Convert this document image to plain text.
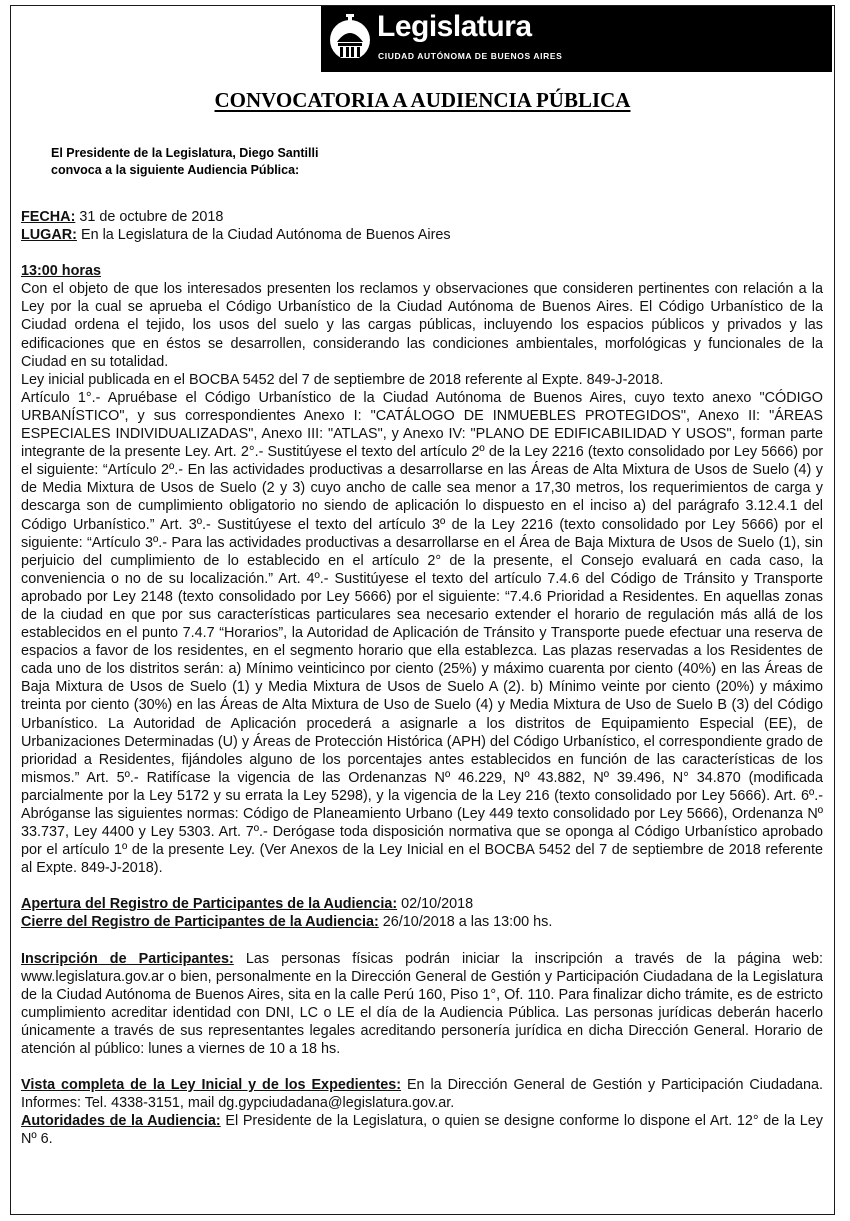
Legislatura
CIUDAD AUTÓNOMA DE BUENOS AIRES
CONVOCATORIA A AUDIENCIA PÚBLICA
El Presidente de la Legislatura, Diego Santilli
convoca a la siguiente Audiencia Pública:

FECHA: 31 de octubre de 2018

LUGAR: En la Legislatura de la Ciudad Autónoma de Buenos Aires

13:00 horas

Con el objeto de que los interesados presenten los reclamos y observaciones que consideren pertinentes con relación a la Ley por la cual se aprueba el Código Urbanístico de la Ciudad Autónoma de Buenos Aires. El Código Urbanístico de la Ciudad ordena el tejido, los usos del suelo y las cargas públicas, incluyendo los espacios públicos y privados y las edificaciones que en éstos se desarrollen, considerando las condiciones ambientales, morfológicas y funcionales de la Ciudad en su totalidad.

Ley inicial publicada en el BOCBA 5452 del 7 de septiembre de 2018 referente al Expte. 849-J-2018.

Artículo 1°.- Apruébase el Código Urbanístico de la Ciudad Autónoma de Buenos Aires, cuyo texto anexo "CÓDIGO URBANÍSTICO", y sus correspondientes Anexo I: "CATÁLOGO DE INMUEBLES PROTEGIDOS", Anexo II: "ÁREAS ESPECIALES INDIVIDUALIZADAS", Anexo III: "ATLAS", y Anexo IV: "PLANO DE EDIFICABILIDAD Y USOS", forman parte integrante de la presente Ley. Art. 2°.- Sustitúyese el texto del artículo 2º de la Ley 2216 (texto consolidado por Ley 5666) por el siguiente: “Artículo 2º.- En las actividades productivas a desarrollarse en las Áreas de Alta Mixtura de Usos de Suelo (4) y de Media Mixtura de Usos de Suelo (2 y 3) cuyo ancho de calle sea menor a 17,30 metros, los requerimientos de carga y descarga son de cumplimiento obligatorio no siendo de aplicación lo dispuesto en el inciso a) del parágrafo 3.12.4.1 del Código Urbanístico.” Art. 3º.- Sustitúyese el texto del artículo 3º de la Ley 2216 (texto consolidado por Ley 5666) por el siguiente: “Artículo 3º.- Para las actividades productivas a desarrollarse en el Área de Baja Mixtura de Usos de Suelo (1), sin perjuicio del cumplimiento de lo establecido en el artículo 2° de la presente, el Consejo evaluará en cada caso, la conveniencia o no de su localización.” Art. 4º.- Sustitúyese el texto del artículo 7.4.6 del Código de Tránsito y Transporte aprobado por Ley 2148 (texto consolidado por Ley 5666) por el siguiente: “7.4.6 Prioridad a Residentes. En aquellas zonas de la ciudad en que por sus características particulares sea necesario extender el horario de regulación más allá de los establecidos en el punto 7.4.7 “Horarios”, la Autoridad de Aplicación de Tránsito y Transporte puede efectuar una reserva de espacios a favor de los residentes, en el segmento horario que ella establezca. Las plazas reservadas a los Residentes de cada uno de los distritos serán: a) Mínimo veinticinco por ciento (25%) y máximo cuarenta por ciento (40%) en las Áreas de Baja Mixtura de Usos de Suelo (1) y Media Mixtura de Usos de Suelo A (2). b) Mínimo veinte por ciento (20%) y máximo treinta por ciento (30%) en las Áreas de Alta Mixtura de Uso de Suelo (4) y Media Mixtura de Uso de Suelo B (3) del Código Urbanístico. La Autoridad de Aplicación procederá a asignarle a los distritos de Equipamiento Especial (EE), de Urbanizaciones Determinadas (U) y Áreas de Protección Histórica (APH) del Código Urbanístico, el correspondiente grado de prioridad a Residentes, fijándoles alguno de los porcentajes antes establecidos en función de las características de los mismos.” Art. 5º.- Ratifícase la vigencia de las Ordenanzas Nº 46.229, Nº 43.882, Nº 39.496, N° 34.870 (modificada parcialmente por la Ley 5172 y su errata la Ley 5298), y la vigencia de la Ley 216 (texto consolidado por Ley 5666). Art. 6º.- Abróganse las siguientes normas: Código de Planeamiento Urbano (Ley 449 texto consolidado por Ley 5666), Ordenanza Nº 33.737, Ley 4400 y Ley 5303. Art. 7º.- Derógase toda disposición normativa que se oponga al Código Urbanístico aprobado por el artículo 1º de la presente Ley. (Ver Anexos de la Ley Inicial en el BOCBA 5452 del 7 de septiembre de 2018 referente al Expte. 849-J-2018).

Apertura del Registro de Participantes de la Audiencia: 02/10/2018

Cierre del Registro de Participantes de la Audiencia: 26/10/2018 a las 13:00 hs.

Inscripción de Participantes: Las personas físicas podrán iniciar la inscripción a través de la página web: www.legislatura.gov.ar o bien, personalmente en la Dirección General de Gestión y Participación Ciudadana de la Legislatura de la Ciudad Autónoma de Buenos Aires, sita en la calle Perú 160, Piso 1°, Of. 110. Para finalizar dicho trámite, es de estricto cumplimiento acreditar identidad con DNI, LC o LE el día de la Audiencia Pública. Las personas jurídicas deberán hacerlo únicamente a través de sus representantes legales acreditando personería jurídica en dicha Dirección General. Horario de atención al público: lunes a viernes de 10 a 18 hs.

Vista completa de la Ley Inicial y de los Expedientes: En la Dirección General de Gestión y Participación Ciudadana. Informes: Tel. 4338-3151, mail dg.gypciudadana@legislatura.gov.ar.

Autoridades de la Audiencia: El Presidente de la Legislatura, o quien se designe conforme lo dispone el Art. 12° de la Ley Nº 6.
